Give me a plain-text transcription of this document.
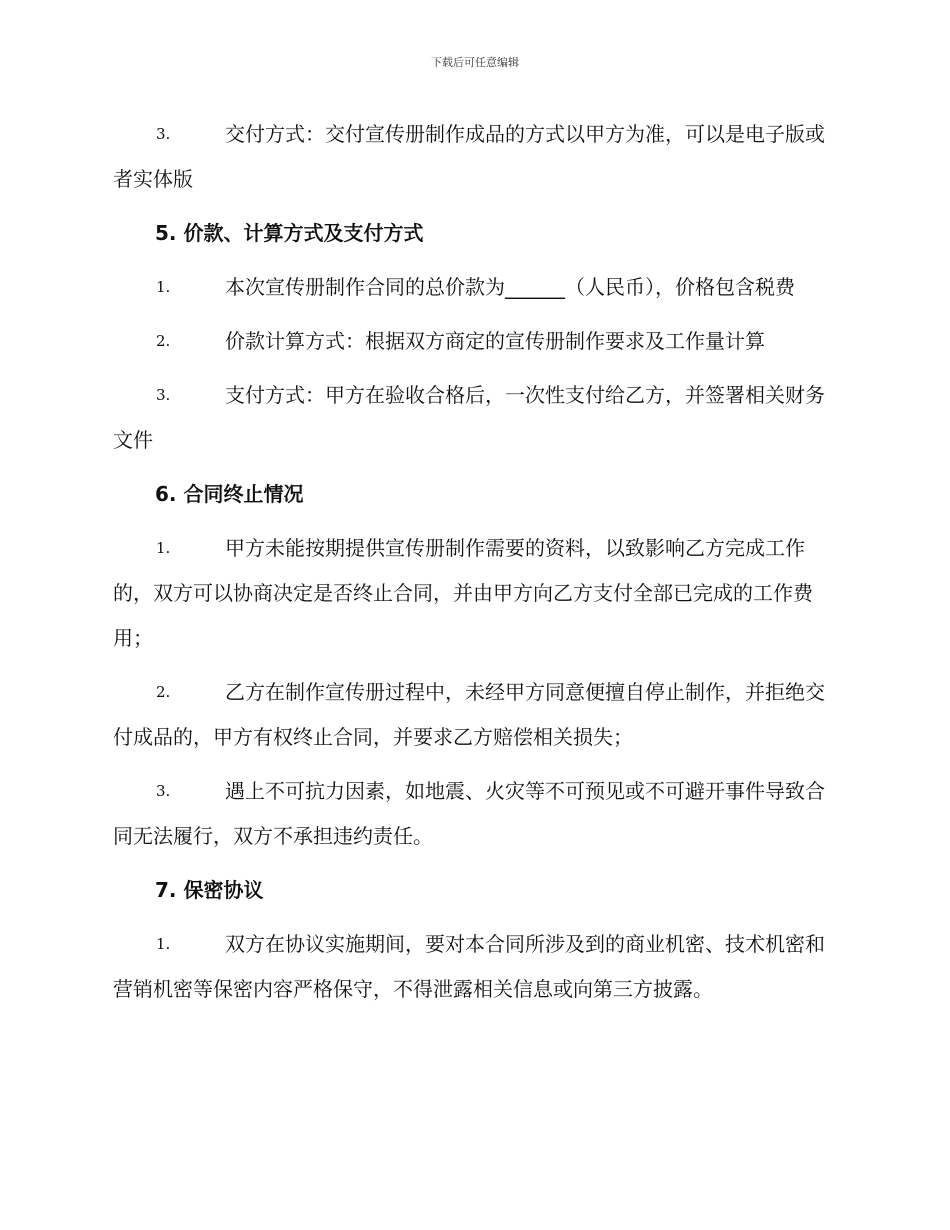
下载后可任意编辑
3.	交付方式：交付宣传册制作成品的方式以甲方为准，可以是电子版或者实体版
5. 价款、计算方式及支付方式
1.	本次宣传册制作合同的总价款为______（人民币），价格包含税费
2.	价款计算方式：根据双方商定的宣传册制作要求及工作量计算
3.	支付方式：甲方在验收合格后，一次性支付给乙方，并签署相关财务文件
6. 合同终止情况
1.	甲方未能按期提供宣传册制作需要的资料，以致影响乙方完成工作的，双方可以协商决定是否终止合同，并由甲方向乙方支付全部已完成的工作费用；
2.	乙方在制作宣传册过程中，未经甲方同意便擅自停止制作，并拒绝交付成品的，甲方有权终止合同，并要求乙方赔偿相关损失；
3.	遇上不可抗力因素，如地震、火灾等不可预见或不可避开事件导致合同无法履行，双方不承担违约责任。
7. 保密协议
1.	双方在协议实施期间，要对本合同所涉及到的商业机密、技术机密和营销机密等保密内容严格保守，不得泄露相关信息或向第三方披露。
